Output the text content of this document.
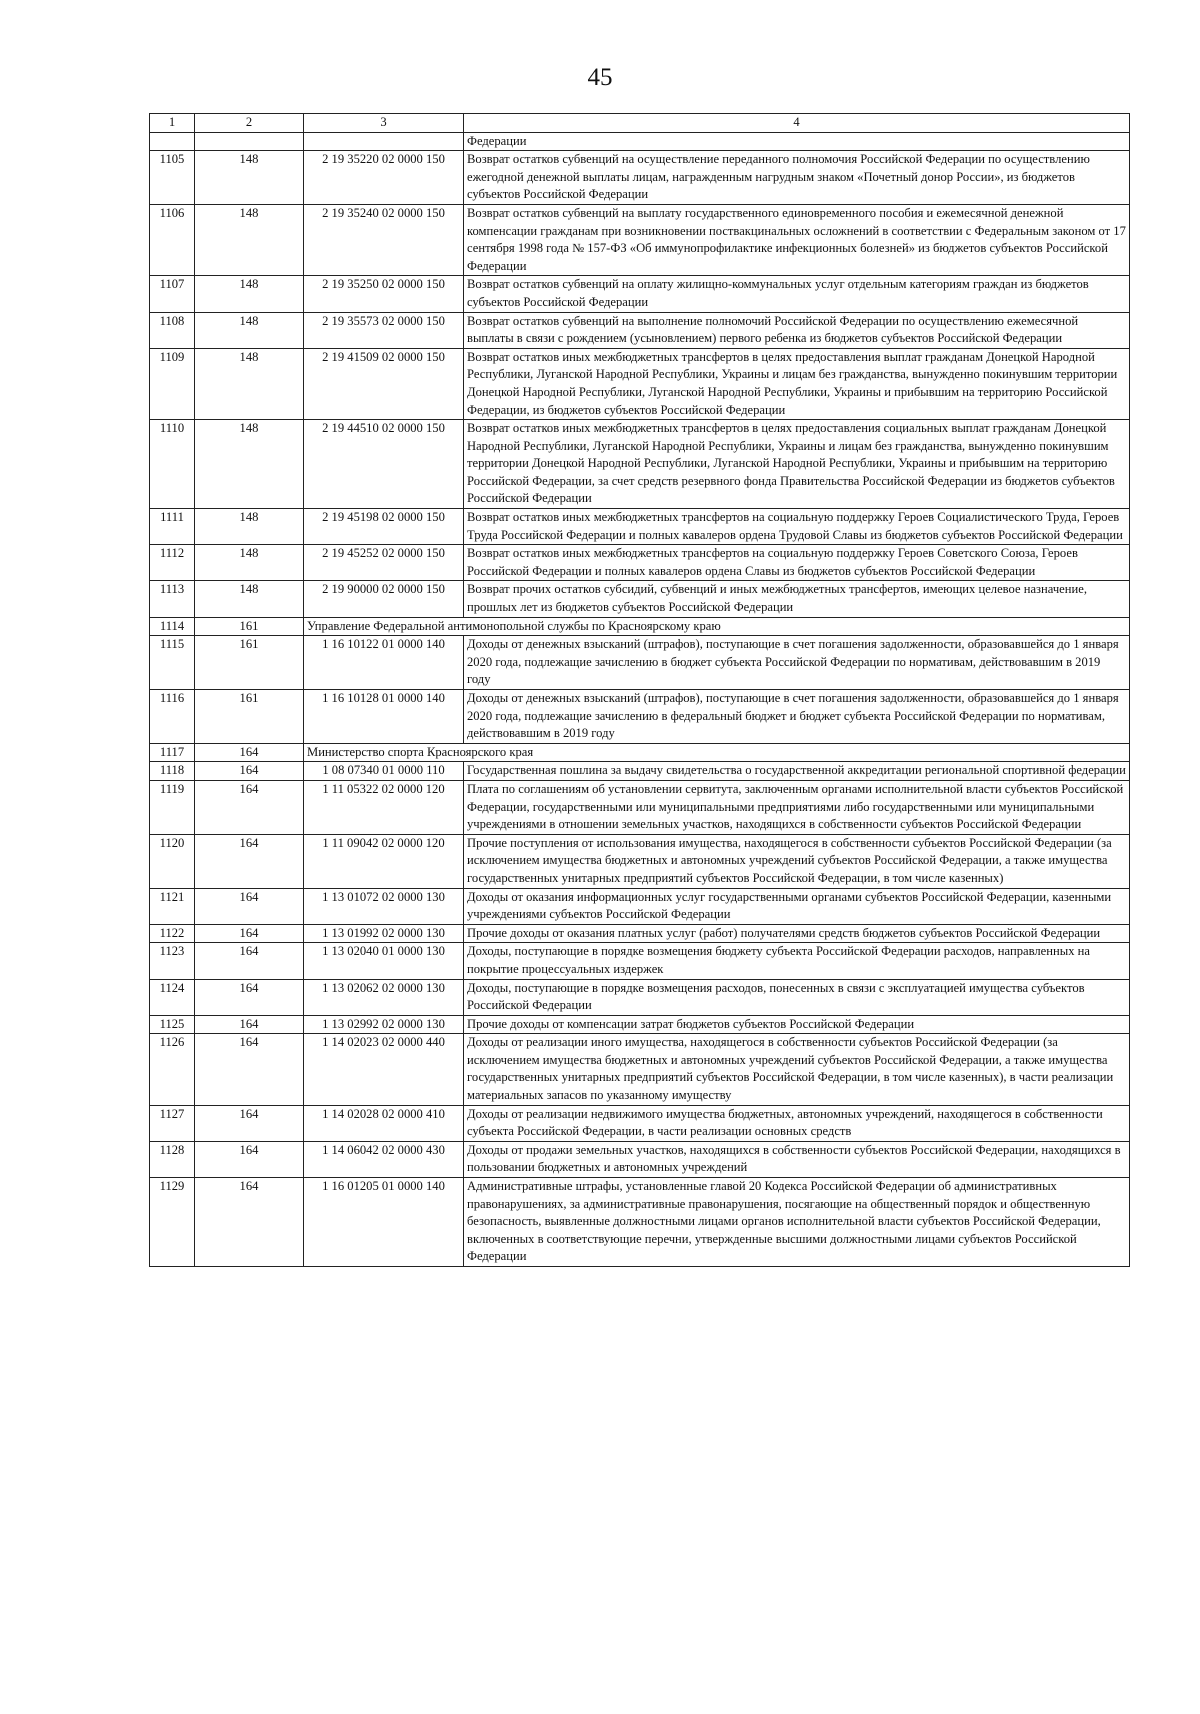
45
1	2	3	4
			Федерации
1105	148	2 19 35220 02 0000 150	Возврат остатков субвенций на осуществление переданного полномочия Российской Федерации по осуществлению ежегодной денежной выплаты лицам, награжденным нагрудным знаком «Почетный донор России», из бюджетов субъектов Российской Федерации
1106	148	2 19 35240 02 0000 150	Возврат остатков субвенций на выплату государственного единовременного пособия и ежемесячной денежной компенсации гражданам при возникновении поствакцинальных осложнений в соответствии с Федеральным законом от 17 сентября 1998 года № 157-ФЗ «Об иммунопрофилактике инфекционных болезней» из бюджетов субъектов Российской Федерации
1107	148	2 19 35250 02 0000 150	Возврат остатков субвенций на оплату жилищно-коммунальных услуг отдельным категориям граждан из бюджетов субъектов Российской Федерации
1108	148	2 19 35573 02 0000 150	Возврат остатков субвенций на выполнение полномочий Российской Федерации по осуществлению ежемесячной выплаты в связи с рождением (усыновлением) первого ребенка из бюджетов субъектов Российской Федерации
1109	148	2 19 41509 02 0000 150	Возврат остатков иных межбюджетных трансфертов в целях предоставления выплат гражданам Донецкой Народной Республики, Луганской Народной Республики, Украины и лицам без гражданства, вынужденно покинувшим территории Донецкой Народной Республики, Луганской Народной Республики, Украины и прибывшим на территорию Российской Федерации, из бюджетов субъектов Российской Федерации
1110	148	2 19 44510 02 0000 150	Возврат остатков иных межбюджетных трансфертов в целях предоставления социальных выплат гражданам Донецкой Народной Республики, Луганской Народной Республики, Украины и лицам без гражданства, вынужденно покинувшим территории Донецкой Народной Республики, Луганской Народной Республики, Украины и прибывшим на территорию Российской Федерации, за счет средств резервного фонда Правительства Российской Федерации из бюджетов субъектов Российской Федерации
1111	148	2 19 45198 02 0000 150	Возврат остатков иных межбюджетных трансфертов на социальную поддержку Героев Социалистического Труда, Героев Труда Российской Федерации и полных кавалеров ордена Трудовой Славы из бюджетов субъектов Российской Федерации
1112	148	2 19 45252 02 0000 150	Возврат остатков иных межбюджетных трансфертов на социальную поддержку Героев Советского Союза, Героев Российской Федерации и полных кавалеров ордена Славы из бюджетов субъектов Российской Федерации
1113	148	2 19 90000 02 0000 150	Возврат прочих остатков субсидий, субвенций и иных межбюджетных трансфертов, имеющих целевое назначение, прошлых лет из бюджетов субъектов Российской Федерации
1114	161	Управление Федеральной антимонопольной службы по Красноярскому краю	
1115	161	1 16 10122 01 0000 140	Доходы от денежных взысканий (штрафов), поступающие в счет погашения задолженности, образовавшейся до 1 января 2020 года, подлежащие зачислению в бюджет субъекта Российской Федерации по нормативам, действовавшим в 2019 году
1116	161	1 16 10128 01 0000 140	Доходы от денежных взысканий (штрафов), поступающие в счет погашения задолженности, образовавшейся до 1 января 2020 года, подлежащие зачислению в федеральный бюджет и бюджет субъекта Российской Федерации по нормативам, действовавшим в 2019 году
1117	164	Министерство спорта Красноярского края	
1118	164	1 08 07340 01 0000 110	Государственная пошлина за выдачу свидетельства о государственной аккредитации региональной спортивной федерации
1119	164	1 11 05322 02 0000 120	Плата по соглашениям об установлении сервитута, заключенным органами исполнительной власти субъектов Российской Федерации, государственными или муниципальными предприятиями либо государственными или муниципальными учреждениями в отношении земельных участков, находящихся в собственности субъектов Российской Федерации
1120	164	1 11 09042 02 0000 120	Прочие поступления от использования имущества, находящегося в собственности субъектов Российской Федерации (за исключением имущества бюджетных и автономных учреждений субъектов Российской Федерации, а также имущества государственных унитарных предприятий субъектов Российской Федерации, в том числе казенных)
1121	164	1 13 01072 02 0000 130	Доходы от оказания информационных услуг государственными органами субъектов Российской Федерации, казенными учреждениями субъектов Российской Федерации
1122	164	1 13 01992 02 0000 130	Прочие доходы от оказания платных услуг (работ) получателями средств бюджетов субъектов Российской Федерации
1123	164	1 13 02040 01 0000 130	Доходы, поступающие в порядке возмещения бюджету субъекта Российской Федерации расходов, направленных на покрытие процессуальных издержек
1124	164	1 13 02062 02 0000 130	Доходы, поступающие в порядке возмещения расходов, понесенных в связи с эксплуатацией имущества субъектов Российской Федерации
1125	164	1 13 02992 02 0000 130	Прочие доходы от компенсации затрат бюджетов субъектов Российской Федерации
1126	164	1 14 02023 02 0000 440	Доходы от реализации иного имущества, находящегося в собственности субъектов Российской Федерации (за исключением имущества бюджетных и автономных учреждений субъектов Российской Федерации, а также имущества государственных унитарных предприятий субъектов Российской Федерации, в том числе казенных), в части реализации материальных запасов по указанному имуществу
1127	164	1 14 02028 02 0000 410	Доходы от реализации недвижимого имущества бюджетных, автономных учреждений, находящегося в собственности субъекта Российской Федерации, в части реализации основных средств
1128	164	1 14 06042 02 0000 430	Доходы от продажи земельных участков, находящихся в собственности субъектов Российской Федерации, находящихся в пользовании бюджетных и автономных учреждений
1129	164	1 16 01205 01 0000 140	Административные штрафы, установленные главой 20 Кодекса Российской Федерации об административных правонарушениях, за административные правонарушения, посягающие на общественный порядок и общественную безопасность, выявленные должностными лицами органов исполнительной власти субъектов Российской Федерации, включенных в соответствующие перечни, утвержденные высшими должностными лицами субъектов Российской Федерации
